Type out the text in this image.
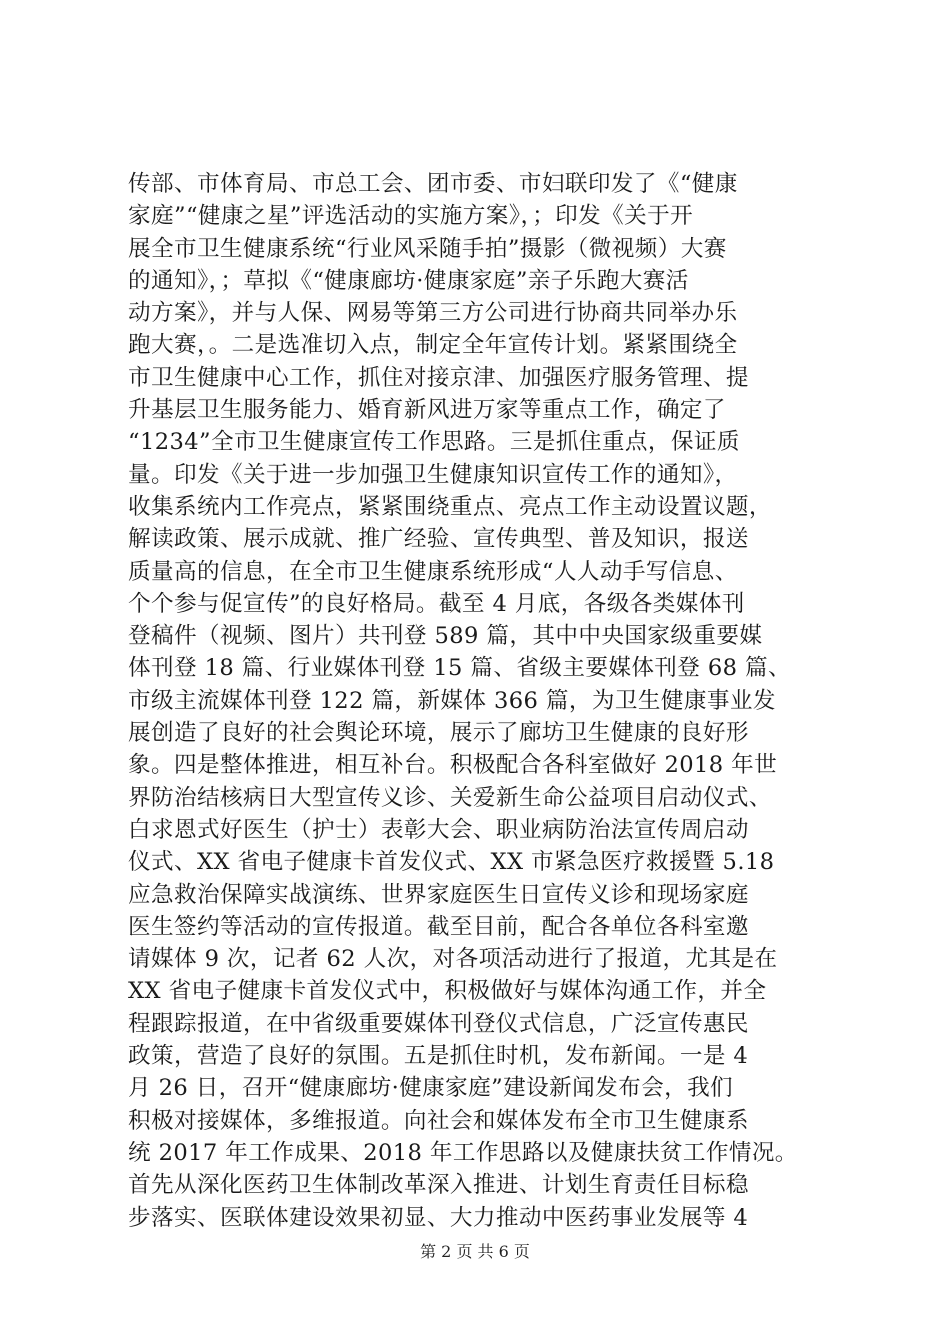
传部、市体育局、市总工会、团市委、市妇联印发了《“健康
家庭”“健康之星”评选活动的实施方案》，；印发《关于开
展全市卫生健康系统“行业风采随手拍”摄影（微视频）大赛
的通知》，；草拟《“健康廊坊·健康家庭”亲子乐跑大赛活
动方案》，并与人保、网易等第三方公司进行协商共同举办乐
跑大赛，。二是选准切入点，制定全年宣传计划。紧紧围绕全
市卫生健康中心工作，抓住对接京津、加强医疗服务管理、提
升基层卫生服务能力、婚育新风进万家等重点工作，确定了
“1234”全市卫生健康宣传工作思路。三是抓住重点，保证质
量。印发《关于进一步加强卫生健康知识宣传工作的通知》，
收集系统内工作亮点，紧紧围绕重点、亮点工作主动设置议题，
解读政策、展示成就、推广经验、宣传典型、普及知识，报送
质量高的信息，在全市卫生健康系统形成“人人动手写信息、
个个参与促宣传”的良好格局。截至 4 月底，各级各类媒体刊
登稿件（视频、图片）共刊登 589 篇，其中中央国家级重要媒
体刊登 18 篇、行业媒体刊登 15 篇、省级主要媒体刊登 68 篇、
市级主流媒体刊登 122 篇，新媒体 366 篇，为卫生健康事业发
展创造了良好的社会舆论环境，展示了廊坊卫生健康的良好形
象。四是整体推进，相互补台。积极配合各科室做好 2018 年世
界防治结核病日大型宣传义诊、关爱新生命公益项目启动仪式、
白求恩式好医生（护士）表彰大会、职业病防治法宣传周启动
仪式、XX 省电子健康卡首发仪式、XX 市紧急医疗救援暨 5.18
应急救治保障实战演练、世界家庭医生日宣传义诊和现场家庭
医生签约等活动的宣传报道。截至目前，配合各单位各科室邀
请媒体 9 次，记者 62 人次，对各项活动进行了报道，尤其是在
XX 省电子健康卡首发仪式中，积极做好与媒体沟通工作，并全
程跟踪报道，在中省级重要媒体刊登仪式信息，广泛宣传惠民
政策，营造了良好的氛围。五是抓住时机，发布新闻。一是 4
月 26 日，召开“健康廊坊·健康家庭”建设新闻发布会，我们
积极对接媒体，多维报道。向社会和媒体发布全市卫生健康系
统 2017 年工作成果、2018 年工作思路以及健康扶贫工作情况。
首先从深化医药卫生体制改革深入推进、计划生育责任目标稳
步落实、医联体建设效果初显、大力推动中医药事业发展等 4
第 2 页 共 6 页
